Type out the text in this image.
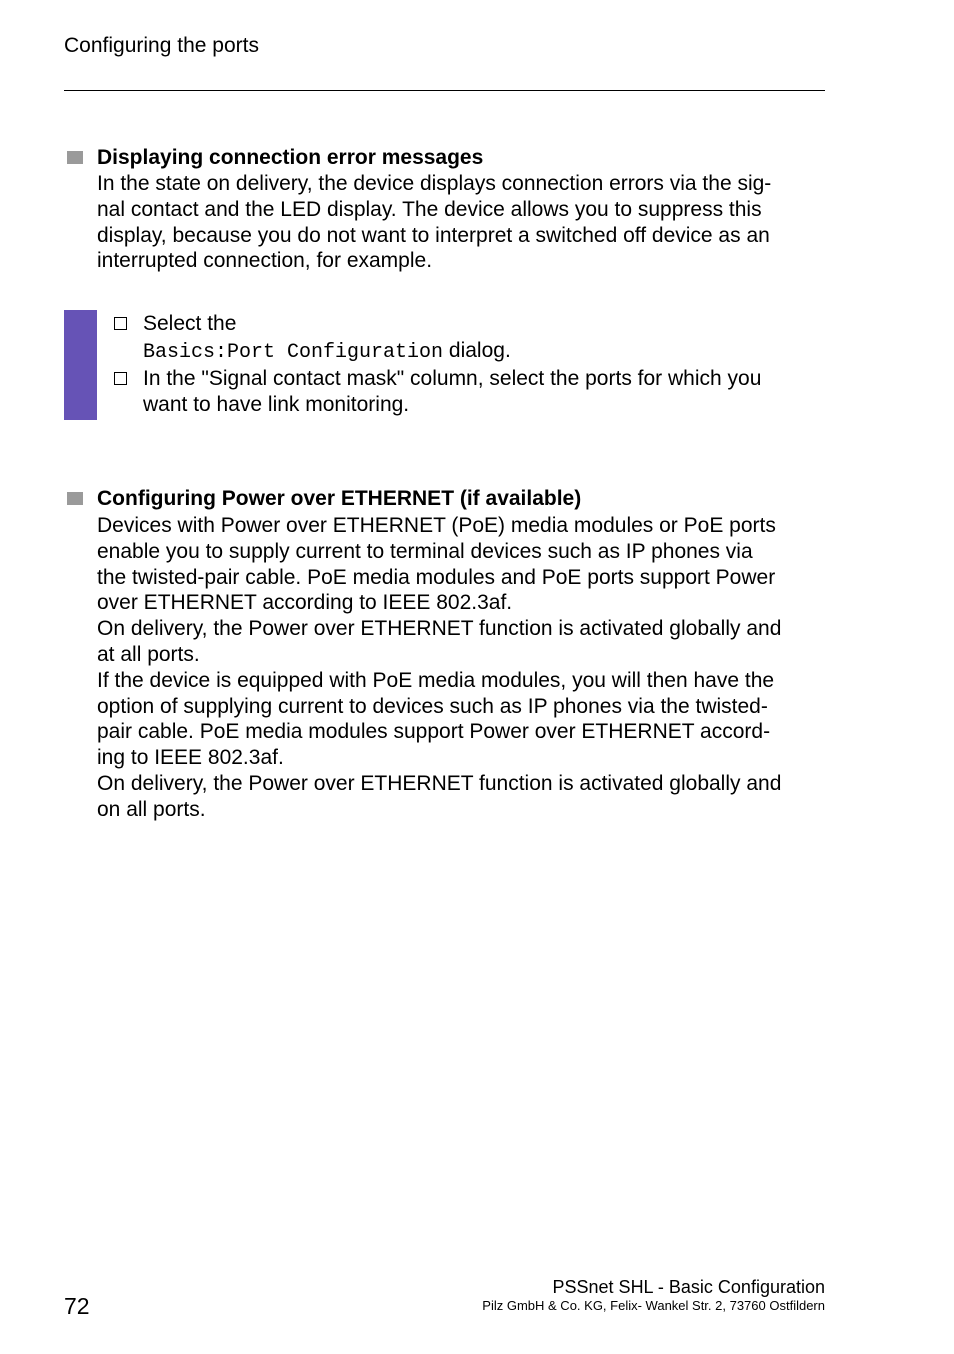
Configuring the ports
Displaying connection error messages
In the state on delivery, the device displays connection errors via the sig-
nal contact and the LED display. The device allows you to suppress this
display, because you do not want to interpret a switched off device as an
interrupted connection, for example.
Select the
Basics:Port Configuration dialog.
In the "Signal contact mask" column, select the ports for which you
want to have link monitoring.
Configuring Power over ETHERNET (if available)
Devices with Power over ETHERNET (PoE) media modules or PoE ports
enable you to supply current to terminal devices such as IP phones via
the twisted-pair cable. PoE media modules and PoE ports support Power
over ETHERNET according to IEEE 802.3af.
On delivery, the Power over ETHERNET function is activated globally and
at all ports.
If the device is equipped with PoE media modules, you will then have the
option of supplying current to devices such as IP phones via the twisted-
pair cable. PoE media modules support Power over ETHERNET accord-
ing to IEEE 802.3af.
On delivery, the Power over ETHERNET function is activated globally and
on all ports.
72
PSSnet SHL - Basic Configuration
Pilz GmbH & Co. KG, Felix- Wankel Str. 2, 73760 Ostfildern
